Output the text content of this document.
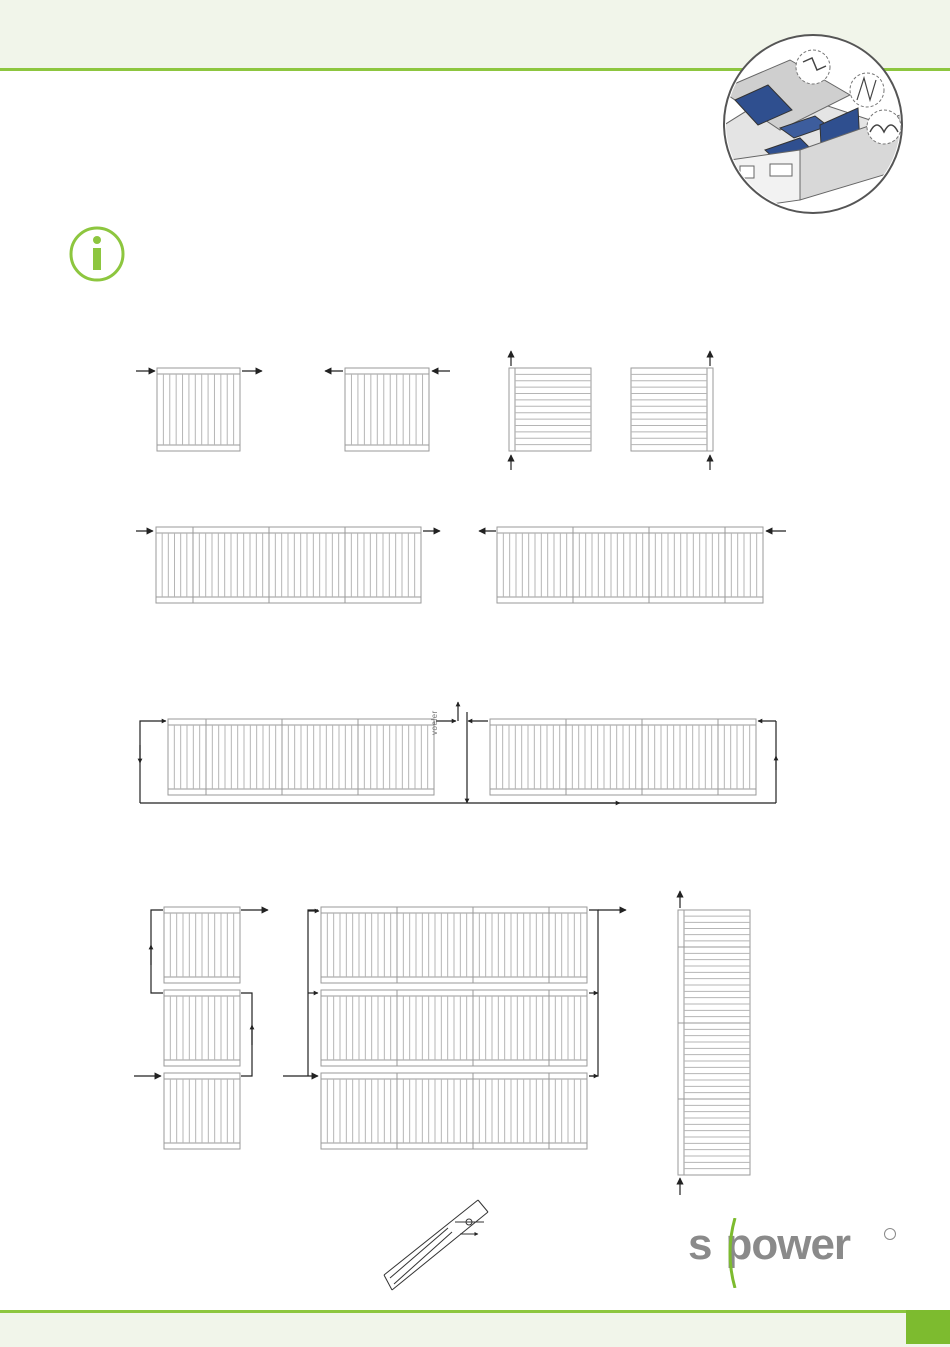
voeler
s power
